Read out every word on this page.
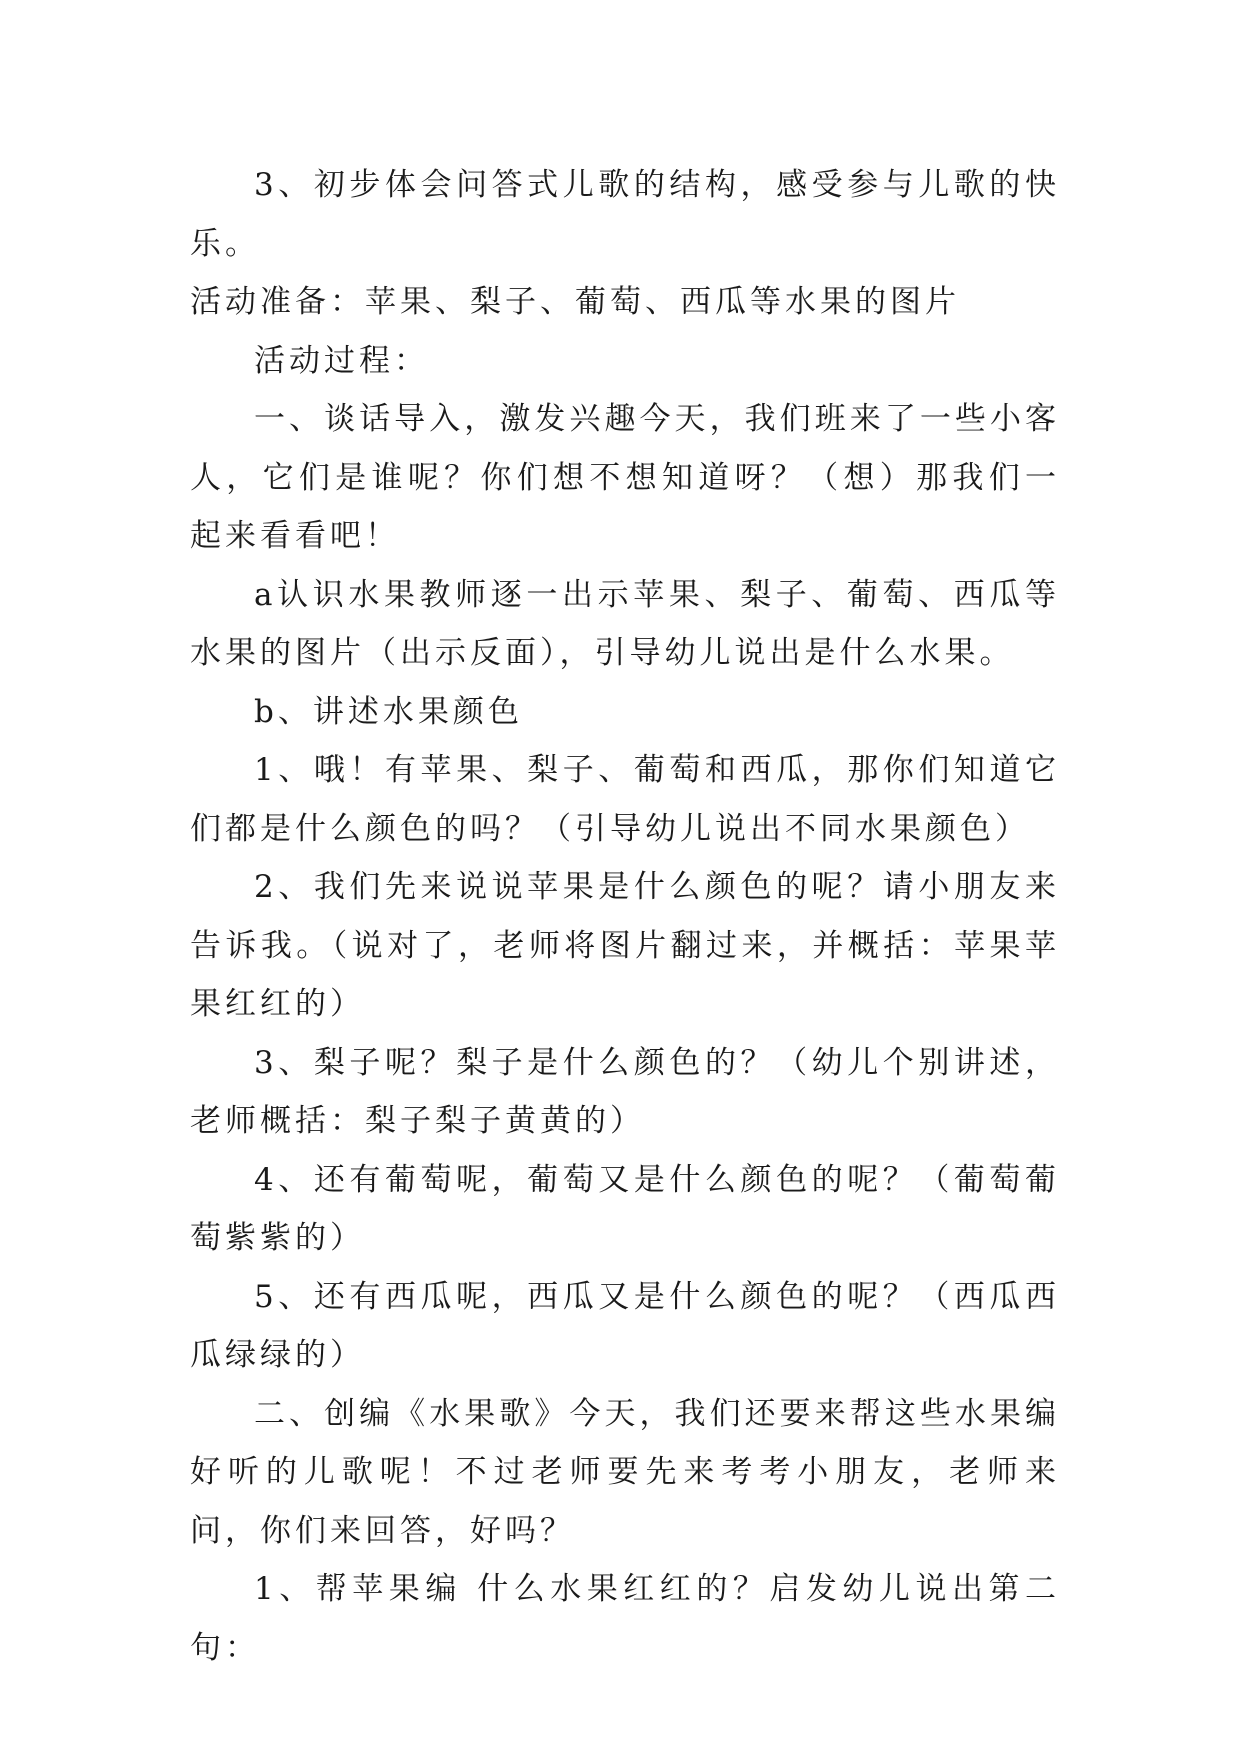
3、初步体会问答式儿歌的结构，感受参与儿歌的快乐。

活动准备：苹果、梨子、葡萄、西瓜等水果的图片

活动过程：

一、谈话导入，激发兴趣今天，我们班来了一些小客人，它们是谁呢？你们想不想知道呀？（想）那我们一起来看看吧！

a认识水果教师逐一出示苹果、梨子、葡萄、西瓜等水果的图片（出示反面），引导幼儿说出是什么水果。

b、讲述水果颜色

1、哦！有苹果、梨子、葡萄和西瓜，那你们知道它们都是什么颜色的吗？（引导幼儿说出不同水果颜色）

2、我们先来说说苹果是什么颜色的呢？请小朋友来告诉我。（说对了，老师将图片翻过来，并概括：苹果苹果红红的）

3、梨子呢？梨子是什么颜色的？（幼儿个别讲述，老师概括：梨子梨子黄黄的）

4、还有葡萄呢，葡萄又是什么颜色的呢？（葡萄葡萄紫紫的）

5、还有西瓜呢，西瓜又是什么颜色的呢？（西瓜西瓜绿绿的）

二、创编《水果歌》今天，我们还要来帮这些水果编好听的儿歌呢！不过老师要先来考考小朋友，老师来问，你们来回答，好吗？

1、帮苹果编 什么水果红红的？启发幼儿说出第二句：
